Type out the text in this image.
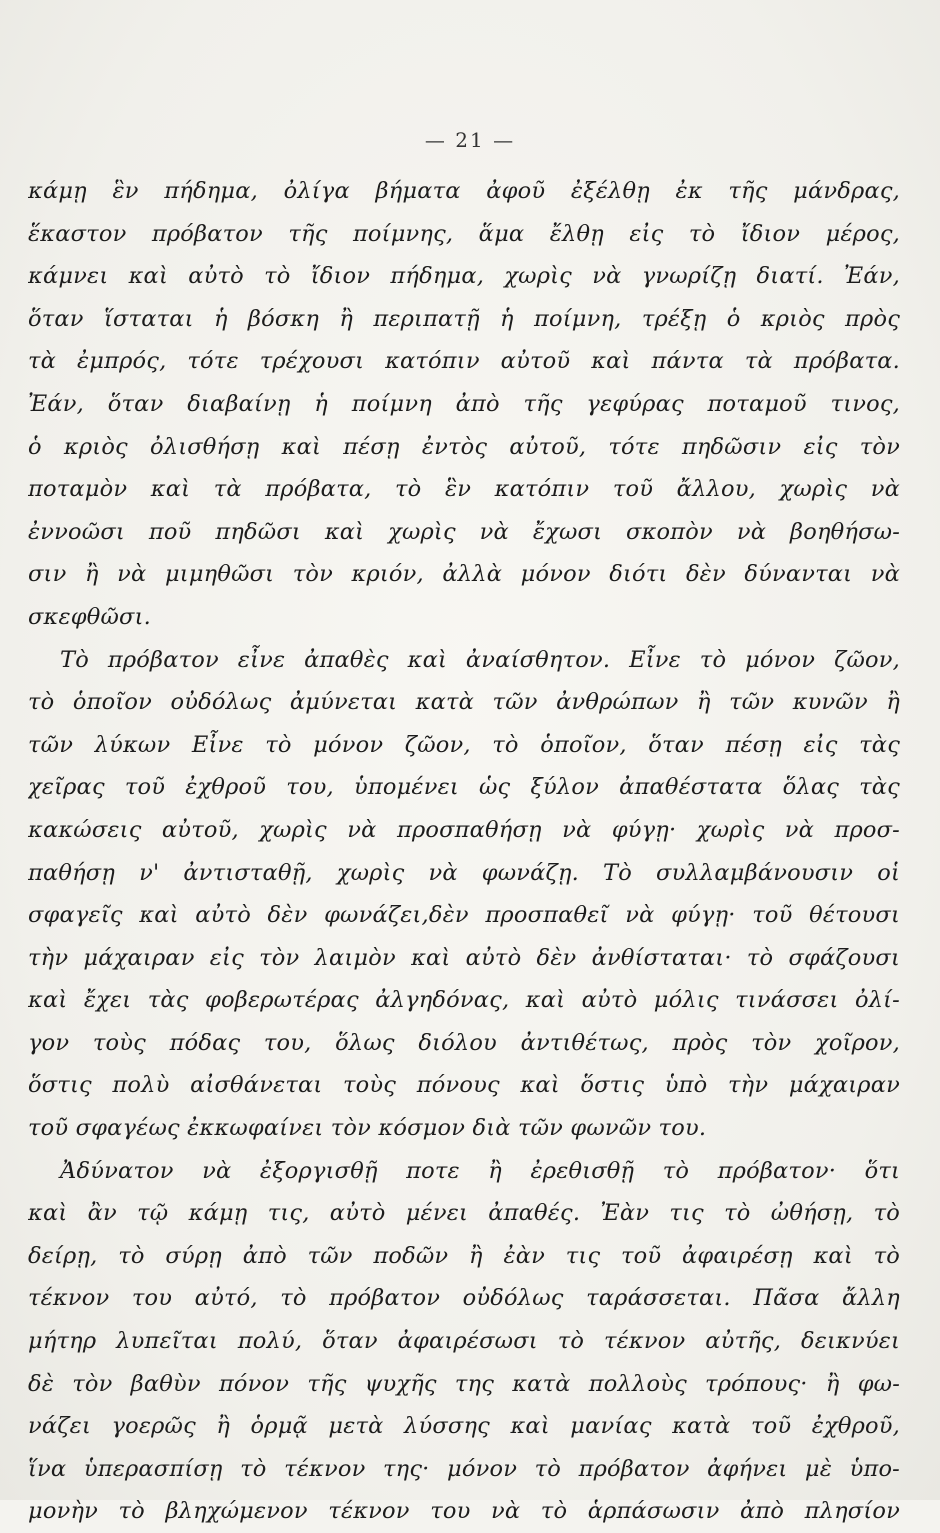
— 21 —
κάμῃ ἓν πήδημα, ὀλίγα βήματα ἀφοῦ ἐξέλθῃ ἐκ τῆς μάνδρας,
ἕκαστον πρόβατον τῆς ποίμνης, ἅμα ἔλθῃ εἰς τὸ ἴδιον μέρος,
κάμνει καὶ αὐτὸ τὸ ἴδιον πήδημα, χωρὶς νὰ γνωρίζῃ διατί. Ἐάν,
ὅταν ἵσταται ἡ βόσκη ἢ περιπατῇ ἡ ποίμνη, τρέξῃ ὁ κριὸς πρὸς
τὰ ἐμπρός, τότε τρέχουσι κατόπιν αὐτοῦ καὶ πάντα τὰ πρόβατα.
Ἐάν, ὅταν διαβαίνῃ ἡ ποίμνη ἀπὸ τῆς γεφύρας ποταμοῦ τινος,
ὁ κριὸς ὀλισθήσῃ καὶ πέσῃ ἐντὸς αὐτοῦ, τότε πηδῶσιν εἰς τὸν
ποταμὸν καὶ τὰ πρόβατα, τὸ ἓν κατόπιν τοῦ ἄλλου, χωρὶς νὰ
ἐννοῶσι ποῦ πηδῶσι καὶ χωρὶς νὰ ἔχωσι σκοπὸν νὰ βοηθήσω-
σιν ἢ νὰ μιμηθῶσι τὸν κριόν, ἀλλὰ μόνον διότι δὲν δύνανται νὰ
σκεφθῶσι.
Τὸ πρόβατον εἶνε ἀπαθὲς καὶ ἀναίσθητον. Εἶνε τὸ μόνον ζῶον,
τὸ ὁποῖον οὐδόλως ἀμύνεται κατὰ τῶν ἀνθρώπων ἢ τῶν κυνῶν ἢ
τῶν λύκων Εἶνε τὸ μόνον ζῶον, τὸ ὁποῖον, ὅταν πέσῃ εἰς τὰς
χεῖρας τοῦ ἐχθροῦ του, ὑπομένει ὡς ξύλον ἀπαθέστατα ὅλας τὰς
κακώσεις αὐτοῦ, χωρὶς νὰ προσπαθήσῃ νὰ φύγῃ· χωρὶς νὰ προσ-
παθήσῃ ν' ἀντισταθῇ, χωρὶς νὰ φωνάζῃ. Τὸ συλλαμβάνουσιν οἱ
σφαγεῖς καὶ αὐτὸ δὲν φωνάζει,δὲν προσπαθεῖ νὰ φύγῃ· τοῦ θέτουσι
τὴν μάχαιραν εἰς τὸν λαιμὸν καὶ αὐτὸ δὲν ἀνθίσταται· τὸ σφάζουσι
καὶ ἔχει τὰς φοβερωτέρας ἀλγηδόνας, καὶ αὐτὸ μόλις τινάσσει ὀλί-
γον τοὺς πόδας του, ὅλως διόλου ἀντιθέτως, πρὸς τὸν χοῖρον,
ὅστις πολὺ αἰσθάνεται τοὺς πόνους καὶ ὅστις ὑπὸ τὴν μάχαιραν
τοῦ σφαγέως ἐκκωφαίνει τὸν κόσμον διὰ τῶν φωνῶν του.
Ἀδύνατον νὰ ἐξοργισθῇ ποτε ἢ ἐρεθισθῇ τὸ πρόβατον· ὅτι
καὶ ἂν τῷ κάμῃ τις, αὐτὸ μένει ἀπαθές. Ἐὰν τις τὸ ὠθήσῃ, τὸ
δείρῃ, τὸ σύρῃ ἀπὸ τῶν ποδῶν ἢ ἐὰν τις τοῦ ἀφαιρέσῃ καὶ τὸ
τέκνον του αὐτό, τὸ πρόβατον οὐδόλως ταράσσεται. Πᾶσα ἄλλη
μήτηρ λυπεῖται πολύ, ὅταν ἀφαιρέσωσι τὸ τέκνον αὐτῆς, δεικνύει
δὲ τὸν βαθὺν πόνον τῆς ψυχῆς της κατὰ πολλοὺς τρόπους· ἢ φω-
νάζει γοερῶς ἢ ὁρμᾷ μετὰ λύσσης καὶ μανίας κατὰ τοῦ ἐχθροῦ,
ἵνα ὑπερασπίσῃ τὸ τέκνον της· μόνον τὸ πρόβατον ἀφήνει μὲ ὑπο-
μονὴν τὸ βληχώμενον τέκνον του νὰ τὸ ἁρπάσωσιν ἀπὸ πλησίον
